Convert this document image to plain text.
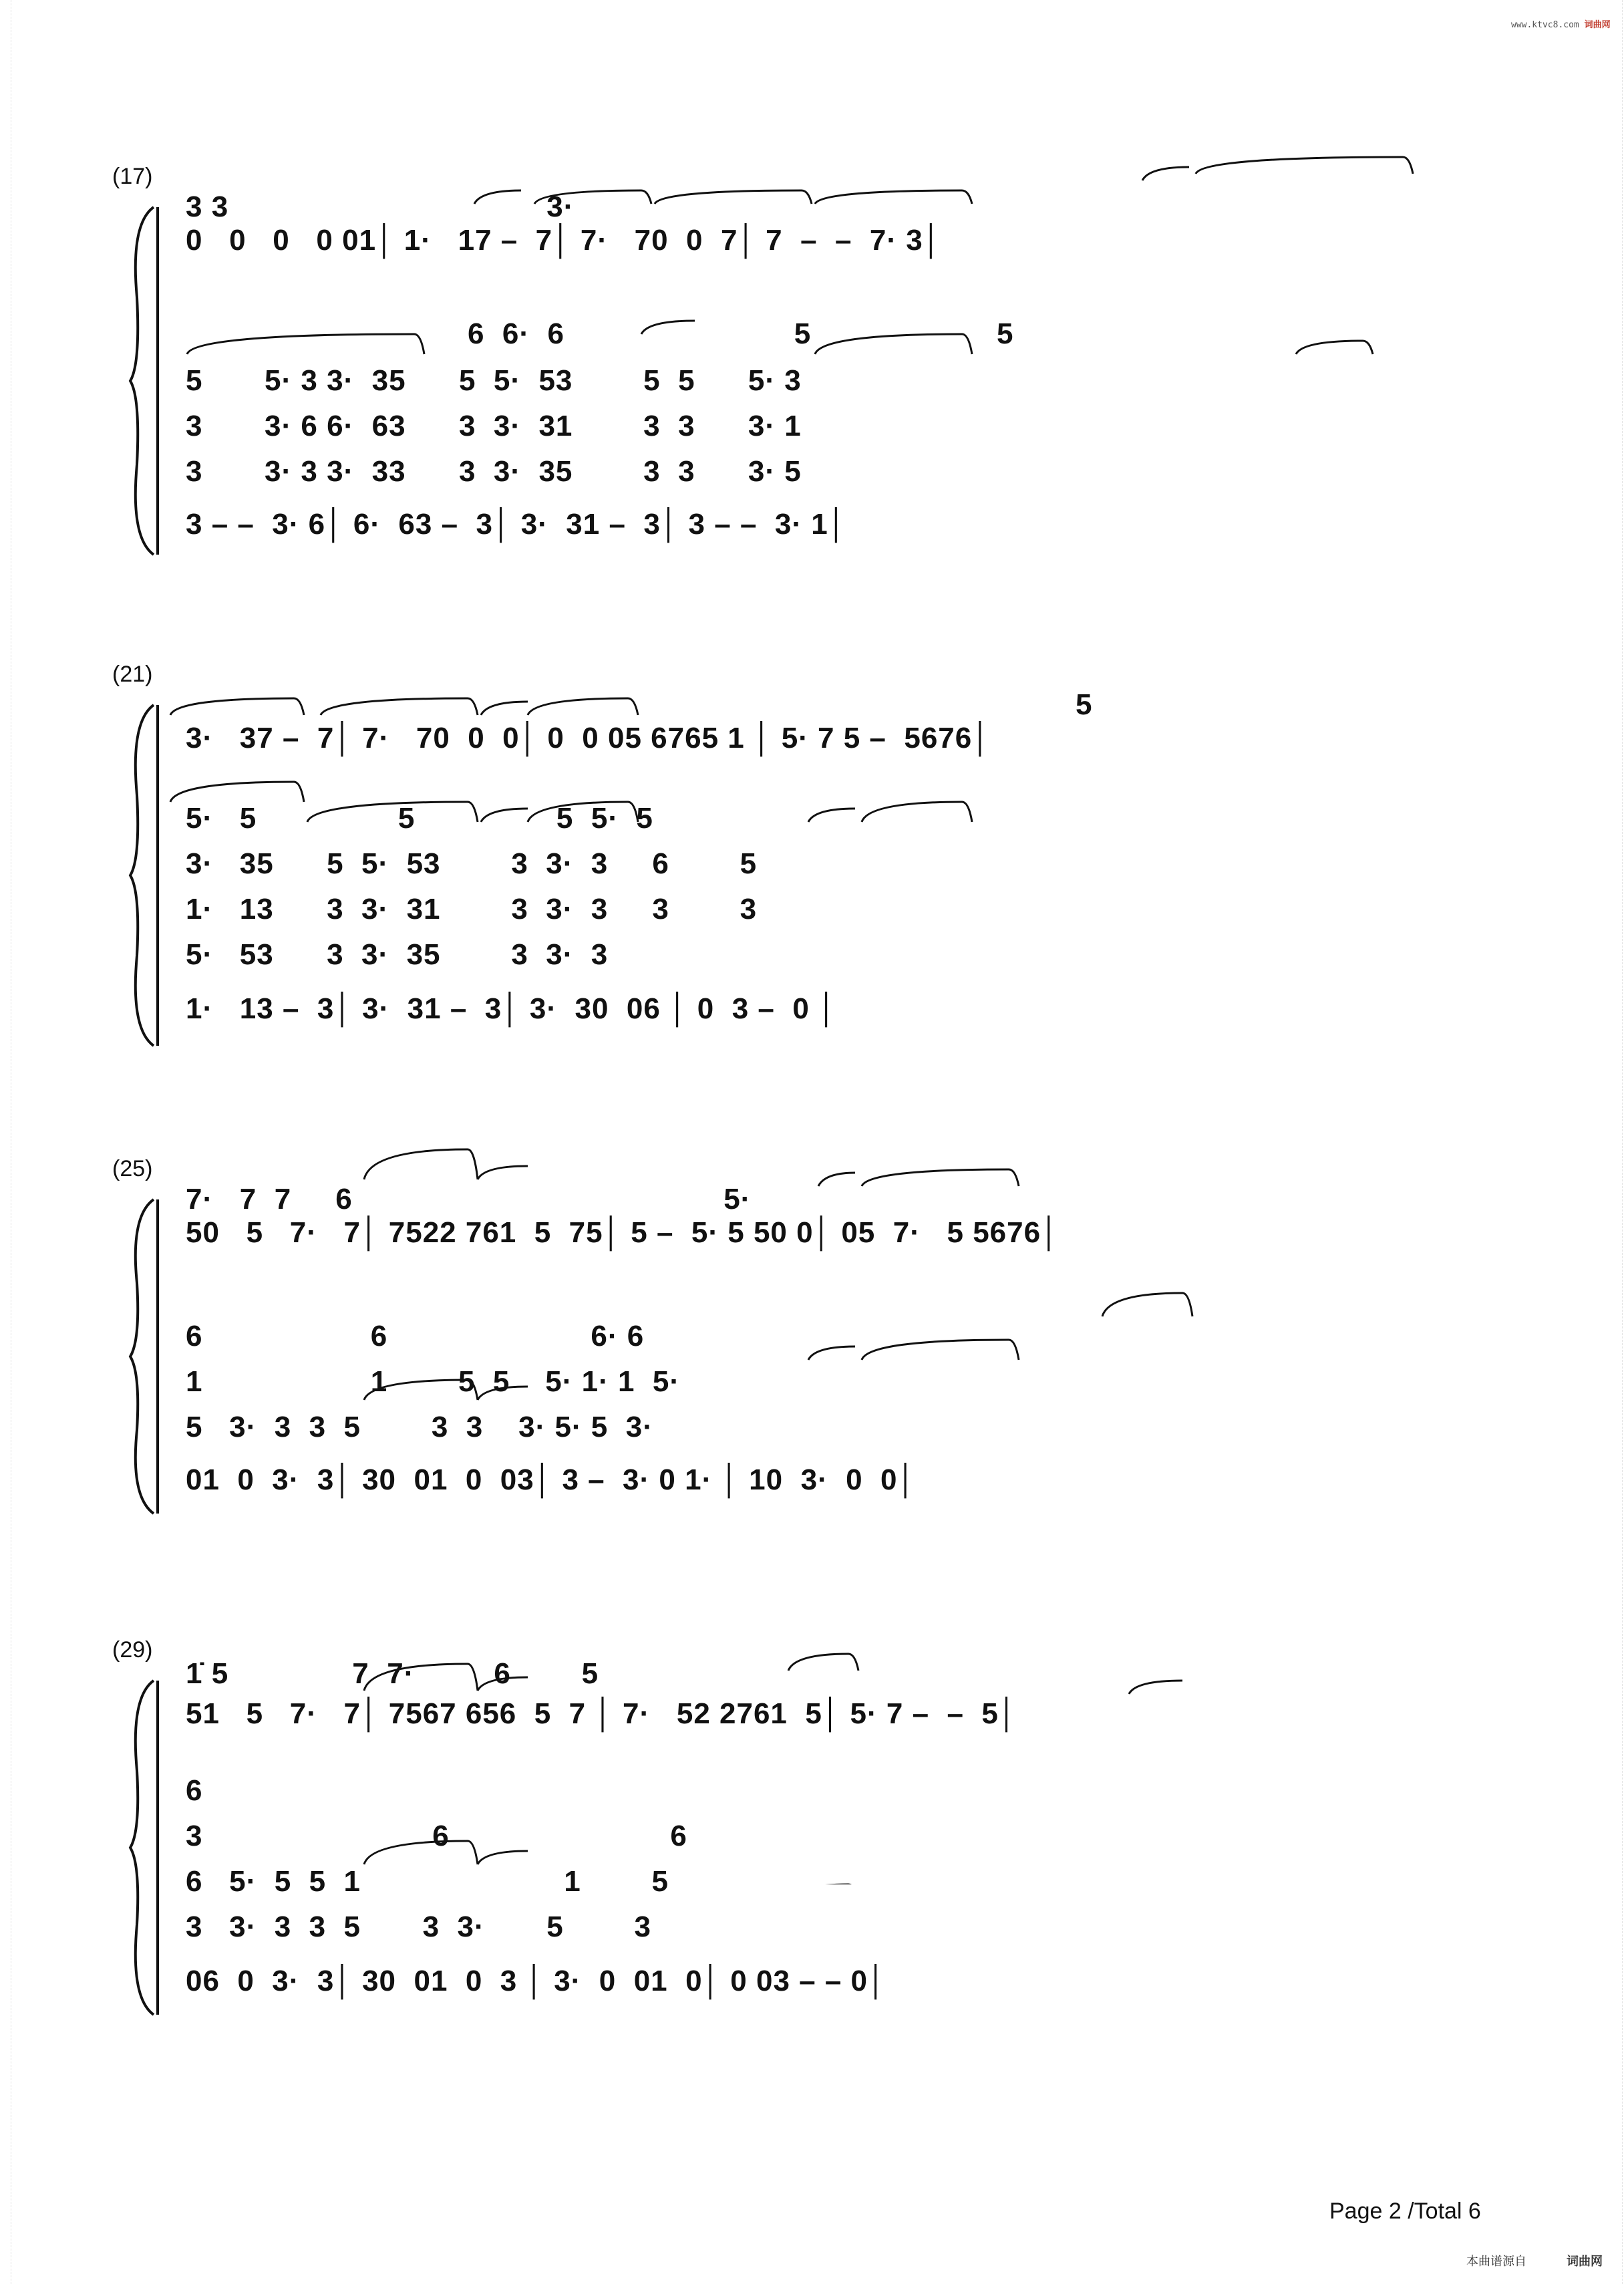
www.ktvc8.com 词曲网
(17)
3 3                                    3·
0   0   0   0 01│ 1·   17 –  7│ 7·   70  0  7│ 7  –  –  7· 3│
6  6·  6                          5                     5
5       5· 3 3·  35      5  5·  53        5  5      5· 3
3       3· 6 6·  63      3  3·  31        3  3      3· 1
3       3· 3 3·  33      3  3·  35        3  3      3· 5
3 – –  3· 6│ 6·  63 –  3│ 3·  31 –  3│ 3 – –  3· 1│
(21)
5
3·   37 –  7│ 7·   70  0  0│ 0  0 05 6765 1 │ 5· 7 5 –  5676│
5·   5                5                5  5·  5
3·   35      5  5·  53        3  3·  3     6        5
1·   13      3  3·  31        3  3·  3     3        3
5·   53      3  3·  35        3  3·  3
1·   13 –  3│ 3·  31 –  3│ 3·  30  06 │ 0  3 –  0 │
(25)
7·   7  7     6                                          5·
50   5   7·   7│ 7522 761  5  75│ 5 –  5· 5 50 0│ 05  7·   5 5676│
6                   6                       6· 6
1                   1        5  5    5· 1· 1  5·
5   3·  3  3  5        3  3    3· 5· 5  3·
01  0  3·  3│ 30  01  0  03│ 3 –  3· 0 1· │ 10  3·  0  0│
(29)
1̇ 5              7  7·         6        5
51   5   7·   7│ 7567 656  5  7 │ 7·   52 2761  5│ 5· 7 –  –  5│
6
3                          6                         6
6   5·  5  5  1                       1        5
3   3·  3  3  5       3  3·       5        3
06  0  3·  3│ 30  01  0  3 │ 3·  0  01  0│ 0 03 – – 0│
Page 2 /Total 6
本曲谱源自	词曲网
